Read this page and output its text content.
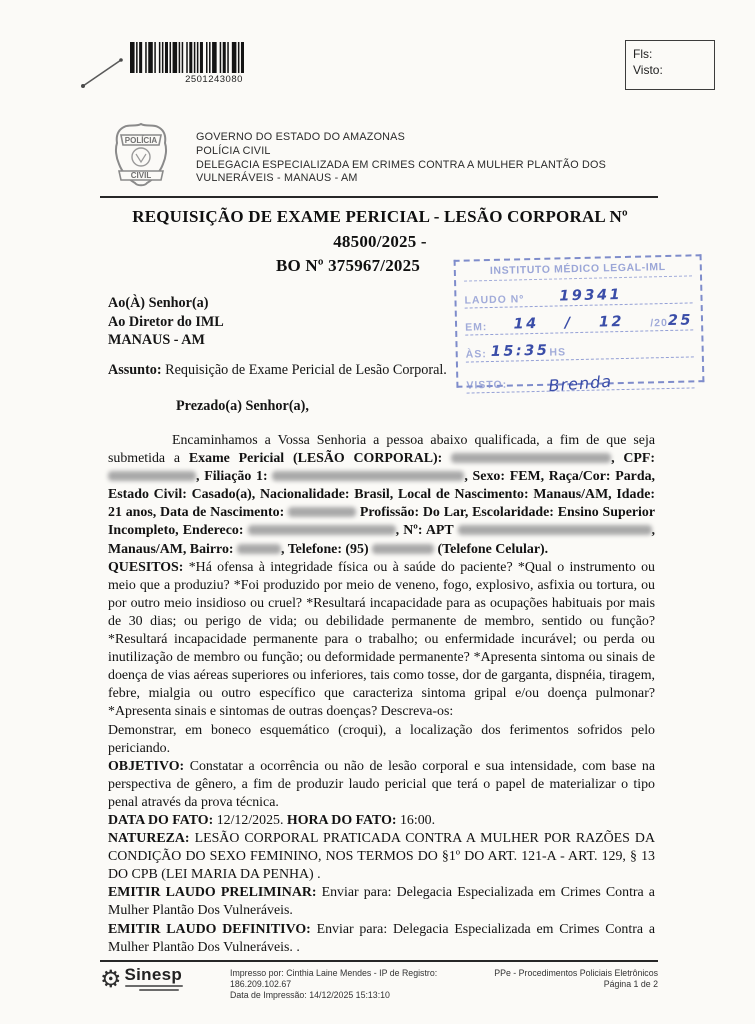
2501243080
Fls:
Visto:
POLÍCIA
CIVIL
GOVERNO DO ESTADO DO AMAZONAS
POLÍCIA CIVIL
DELEGACIA ESPECIALIZADA EM CRIMES CONTRA A MULHER PLANTÃO DOS VULNERÁVEIS - MANAUS - AM
REQUISIÇÃO DE EXAME PERICIAL - LESÃO CORPORAL Nº
48500/2025 -
BO Nº 375967/2025	INSTITUTO MÉDICO LEGAL-IML
LAUDO Nº 19341
EM: 14 / 12 /20 25
ÀS: 15:35 HS
VISTO:	Brenda
Ao(À) Senhor(a)
Ao Diretor do IML
MANAUS - AM
Assunto: Requisição de Exame Pericial de Lesão Corporal.
Prezado(a) Senhor(a),

Encaminhamos a Vossa Senhoria a pessoa abaixo qualificada, a fim de que seja submetida a Exame Pericial (LESÃO CORPORAL):	, CPF: , Filiação 1:	, Sexo: FEM, Raça/Cor: Parda, Estado Civil: Casado(a), Nacionalidade: Brasil, Local de Nascimento: Manaus/AM, Idade: 21 anos, Data de Nascimento:	Profissão: Do Lar, Escolaridade: Ensino Superior Incompleto, Endereco:	, Nº: APT	, Manaus/AM, Bairro:	, Telefone: (95)	(Telefone Celular).

QUESITOS: *Há ofensa à integridade física ou à saúde do paciente? *Qual o instrumento ou meio que a produziu? *Foi produzido por meio de veneno, fogo, explosivo, asfixia ou tortura, ou por outro meio insidioso ou cruel? *Resultará incapacidade para as ocupações habituais por mais de 30 dias; ou perigo de vida; ou debilidade permanente de membro, sentido ou função? *Resultará incapacidade permanente para o trabalho; ou enfermidade incurável; ou perda ou inutilização de membro ou função; ou deformidade permanente? *Apresenta sintoma ou sinais de doença de vias aéreas superiores ou inferiores, tais como tosse, dor de garganta, dispnéia, tiragem, febre, mialgia ou outro específico que caracteriza sintoma gripal e/ou doença pulmonar? *Apresenta sinais e sintomas de outras doenças? Descreva-os:
Demonstrar, em boneco esquemático (croqui), a localização dos ferimentos sofridos pelo periciando.

OBJETIVO: Constatar a ocorrência ou não de lesão corporal e sua intensidade, com base na perspectiva de gênero, a fim de produzir laudo pericial que terá o papel de materializar o tipo penal através da prova técnica.

DATA DO FATO: 12/12/2025. HORA DO FATO: 16:00.

NATUREZA: LESÃO CORPORAL PRATICADA CONTRA A MULHER POR RAZÕES DA CONDIÇÃO DO SEXO FEMININO, NOS TERMOS DO §1º DO ART. 121-A - ART. 129, § 13 DO CPB (LEI MARIA DA PENHA) .

EMITIR LAUDO PRELIMINAR: Enviar para: Delegacia Especializada em Crimes Contra a Mulher Plantão Dos Vulneráveis.

EMITIR LAUDO DEFINITIVO: Enviar para: Delegacia Especializada em Crimes Contra a Mulher Plantão Dos Vulneráveis. .

⚙ Sinesp	Impresso por: Cinthia Laine Mendes - IP de Registro:
186.209.102.67
Data de Impressão: 14/12/2025 15:13:10
PPe - Procedimentos Policiais Eletrônicos
Página 1 de 2
